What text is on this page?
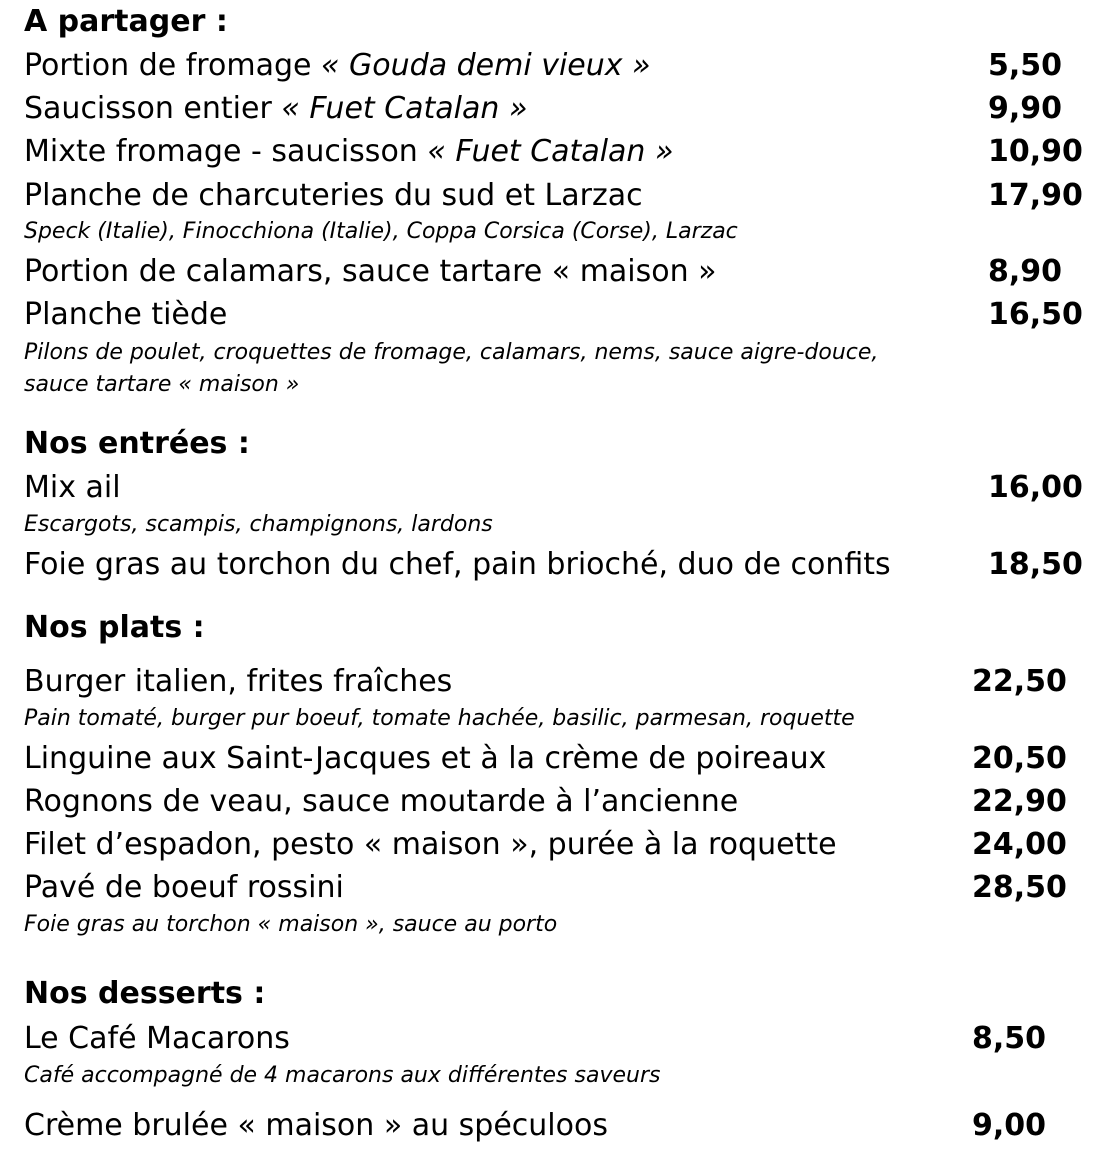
A partager :
Portion de fromage « Gouda demi vieux »	5,50
Saucisson entier « Fuet Catalan »	9,90
Mixte fromage - saucisson « Fuet Catalan »	10,90
Planche de charcuteries du sud et Larzac	17,90
Speck (Italie), Finocchiona (Italie), Coppa Corsica (Corse), Larzac
Portion de calamars, sauce tartare « maison »	8,90
Planche tiède	16,50
Pilons de poulet, croquettes de fromage, calamars, nems, sauce aigre-douce,
sauce tartare « maison »
Nos entrées :
Mix ail	16,00
Escargots, scampis, champignons, lardons
Foie gras au torchon du chef, pain brioché, duo de confits	18,50
Nos plats :
Burger italien, frites fraîches	22,50
Pain tomaté, burger pur boeuf, tomate hachée, basilic, parmesan, roquette
Linguine aux Saint-Jacques et à la crème de poireaux	20,50
Rognons de veau, sauce moutarde à l’ancienne	22,90
Filet d’espadon, pesto « maison », purée à la roquette	24,00
Pavé de boeuf rossini	28,50
Foie gras au torchon « maison », sauce au porto
Nos desserts :
Le Café Macarons	8,50
Café accompagné de 4 macarons aux différentes saveurs
Crème brulée « maison » au spéculoos	9,00
